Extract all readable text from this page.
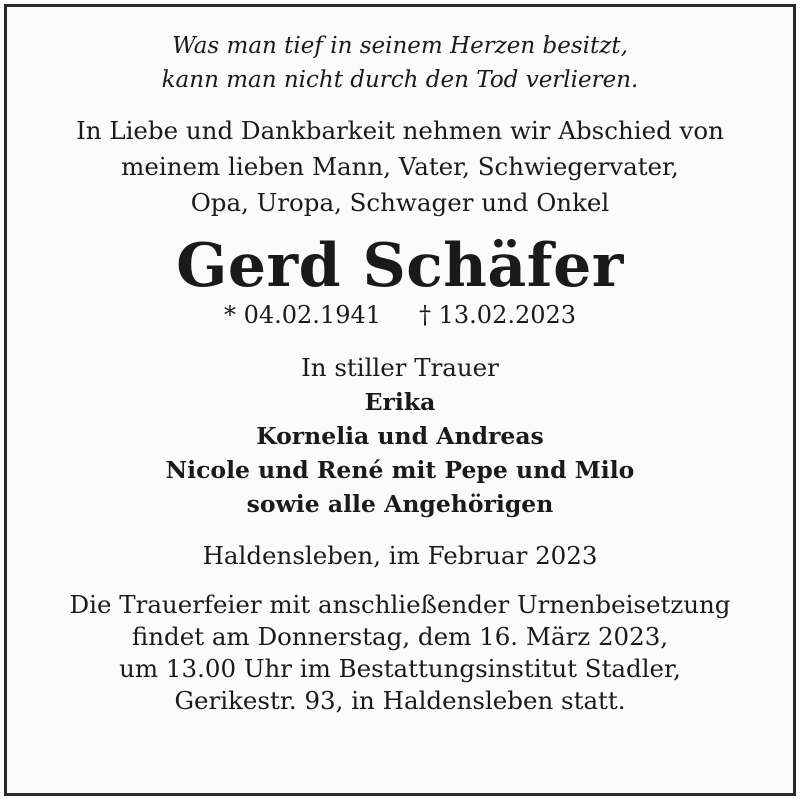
Was man tief in seinem Herzen besitzt,
kann man nicht durch den Tod verlieren.
In Liebe und Dankbarkeit nehmen wir Abschied von
meinem lieben Mann, Vater, Schwiegervater,
Opa, Uropa, Schwager und Onkel
Gerd Schäfer
* 04.02.1941 † 13.02.2023
In stiller Trauer
Erika
Kornelia und Andreas
Nicole und René mit Pepe und Milo
sowie alle Angehörigen
Haldensleben, im Februar 2023
Die Trauerfeier mit anschließender Urnenbeisetzung
findet am Donnerstag, dem 16. März 2023,
um 13.00 Uhr im Bestattungsinstitut Stadler,
Gerikestr. 93, in Haldensleben statt.
